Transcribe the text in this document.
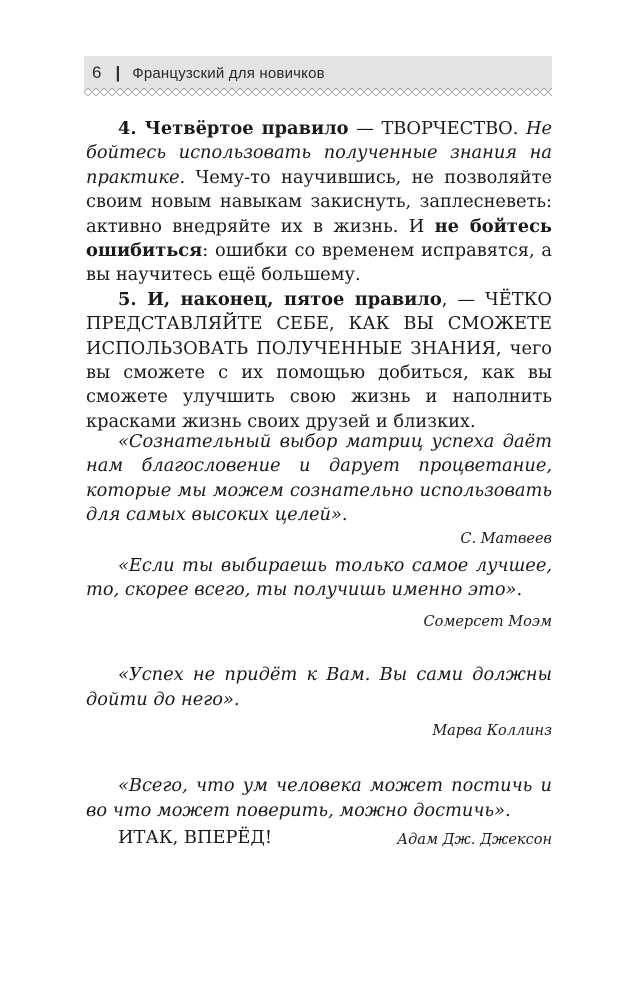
6 | Французский для новичков

4. Четвёртое правило — ТВОРЧЕСТВО. Не бойтесь использовать полученные знания на практике. Чему-то научившись, не позволяйте своим новым навыкам закиснуть, заплесневеть: активно внедряйте их в жизнь. И не бойтесь ошибиться: ошибки со временем исправятся, а вы научитесь ещё большему.

5. И, наконец, пятое правило, — ЧЁТКО ПРЕДСТАВЛЯЙТЕ СЕБЕ, КАК ВЫ СМОЖЕТЕ ИСПОЛЬЗОВАТЬ ПОЛУЧЕННЫЕ ЗНАНИЯ, чего вы сможете с их помощью добиться, как вы сможете улучшить свою жизнь и наполнить красками жизнь своих друзей и близких.

«Сознательный выбор матриц успеха даёт нам благословение и дарует процветание, которые мы можем сознательно использовать для самых высоких целей».

С. Матвеев

«Если ты выбираешь только самое лучшее, то, скорее всего, ты получишь именно это».

Сомерсет Моэм

«Успех не придёт к Вам. Вы сами должны дойти до него».

Марва Коллинз

«Всего, что ум человека может постичь и во что может поверить, можно достичь».

Адам Дж. Джексон

ИТАК, ВПЕРЁД!
